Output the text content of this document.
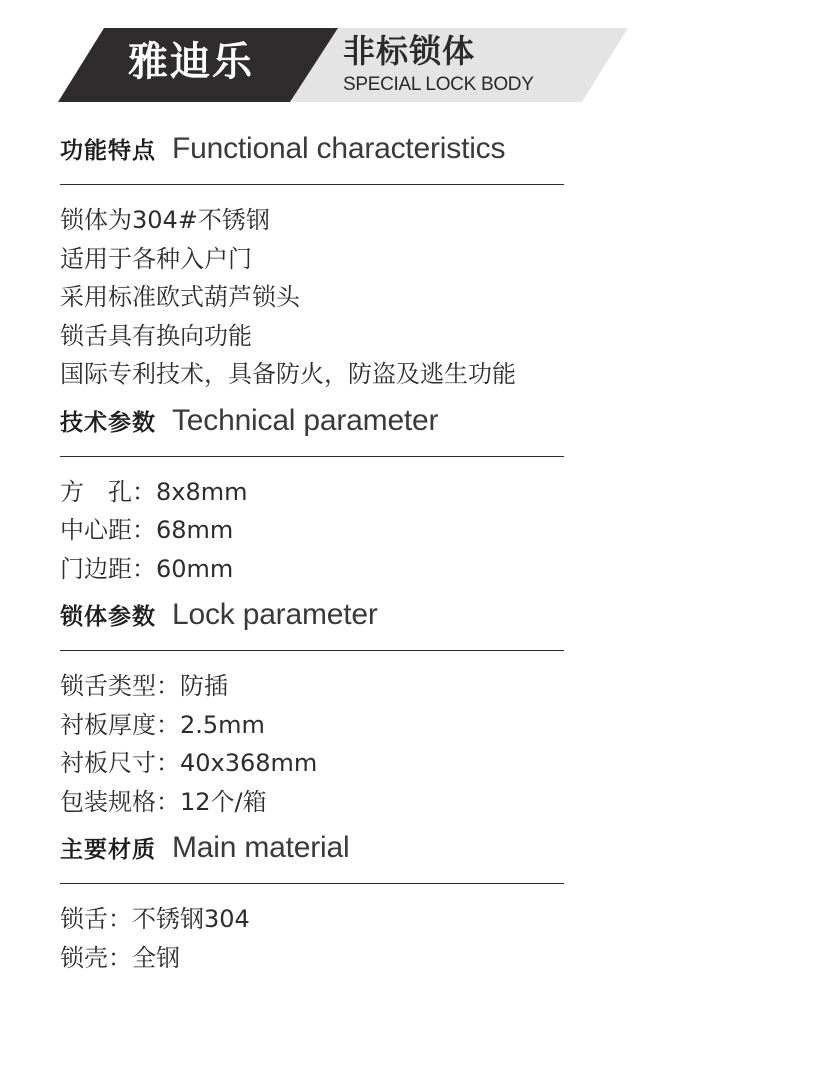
雅迪乐	非标锁体
SPECIAL LOCK BODY
功能特点 Functional characteristics
锁体为304#不锈钢
适用于各种入户门
采用标准欧式葫芦锁头
锁舌具有换向功能
国际专利技术，具备防火，防盗及逃生功能
技术参数 Technical parameter
方　孔：8x8mm
中心距：68mm
门边距：60mm
锁体参数 Lock parameter
锁舌类型：防插
衬板厚度：2.5mm
衬板尺寸：40x368mm
包装规格：12个/箱
主要材质 Main material
锁舌：不锈钢304
锁壳：全钢
